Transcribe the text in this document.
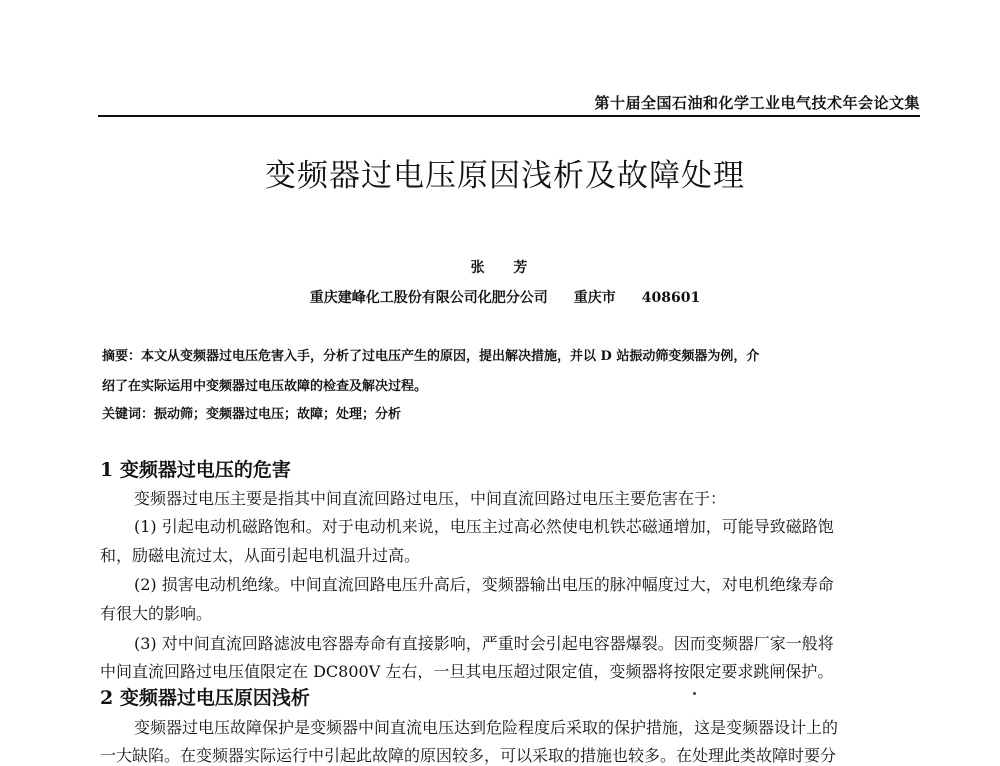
第十届全国石油和化学工业电气技术年会论文集
变频器过电压原因浅析及故障处理
张 芳
重庆建峰化工股份有限公司化肥分公司 重庆市 408601
摘要：本文从变频器过电压危害入手，分析了过电压产生的原因，提出解决措施，并以 D 站振动筛变频器为例，介
绍了在实际运用中变频器过电压故障的检查及解决过程。
关键词：振动筛；变频器过电压；故障；处理；分析
1 变频器过电压的危害
变频器过电压主要是指其中间直流回路过电压，中间直流回路过电压主要危害在于：
(1) 引起电动机磁路饱和。对于电动机来说，电压主过高必然使电机铁芯磁通增加，可能导致磁路饱
和，励磁电流过太，从面引起电机温升过高。
(2) 损害电动机绝缘。中间直流回路电压升高后，变频器输出电压的脉冲幅度过大，对电机绝缘寿命
有很大的影响。
(3) 对中间直流回路滤波电容器寿命有直接影响，严重时会引起电容器爆裂。因而变频器厂家一般将
中间直流回路过电压值限定在 DC800V 左右，一旦其电压超过限定值，变频器将按限定要求跳闸保护。
2 变频器过电压原因浅析
变频器过电压故障保护是变频器中间直流电压达到危险程度后采取的保护措施，这是变频器设计上的
一大缺陷。在变频器实际运行中引起此故障的原因较多，可以采取的措施也较多。在处理此类故障时要分
